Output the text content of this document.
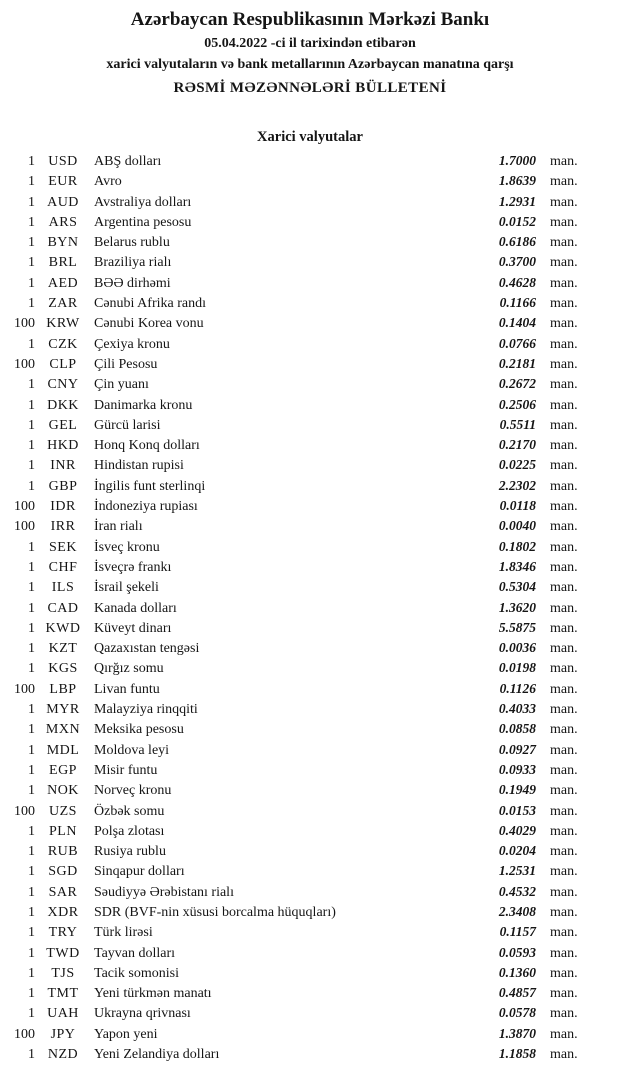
Azərbaycan Respublikasının Mərkəzi Bankı
05.04.2022 -ci il tarixindən etibarən
xarici valyutaların və bank metallarının Azərbaycan manatına qarşı
RƏSMİ MƏZƏNNƏLƏRİ BÜLLETENİ
Xarici valyutalar
1 USD	ABŞ dolları	1.7000	man.
1 EUR	Avro	1.8639	man.
1 AUD	Avstraliya dolları	1.2931	man.
1 ARS	Argentina pesosu	0.0152	man.
1 BYN	Belarus rublu	0.6186	man.
1 BRL	Braziliya rialı	0.3700	man.
1 AED	BƏƏ dirhəmi	0.4628	man.
1 ZAR	Cənubi Afrika randı	0.1166	man.
100 KRW	Cənubi Korea vonu	0.1404	man.
1 CZK	Çexiya kronu	0.0766	man.
100	CLP	Çili Pesosu	0.2181	man.
1 CNY	Çin yuanı	0.2672	man.
1 DKK	Danimarka kronu	0.2506	man.
1 GEL	Gürcü larisi	0.5511	man.
1 HKD	Honq Konq dolları	0.2170	man.
1	INR	Hindistan rupisi	0.0225	man.
1 GBP	İngilis funt sterlinqi	2.2302	man.
100	IDR	İndoneziya rupiası	0.0118	man.
100	IRR	İran rialı	0.0040	man.
1	SEK	İsveç kronu	0.1802	man.
1 CHF	İsveçrə frankı	1.8346	man.
1	ILS	İsrail şekeli	0.5304	man.
1 CAD	Kanada dolları	1.3620	man.
1 KWD Küveyt dinarı	5.5875	man.
1 KZT	Qazaxıstan tengəsi	0.0036	man.
1 KGS	Qırğız somu	0.0198	man.
100	LBP	Livan funtu	0.1126	man.
1 MYR	Malayziya rinqqiti	0.4033	man.
1 MXN Meksika pesosu	0.0858	man.
1 MDL	Moldova leyi	0.0927	man.
1	EGP	Misir funtu	0.0933	man.
1 NOK	Norveç kronu	0.1949	man.
100	UZS	Özbək somu	0.0153	man.
1	PLN	Polşa zlotası	0.4029	man.
1 RUB	Rusiya rublu	0.0204	man.
1 SGD	Sinqapur dolları	1.2531	man.
1 SAR	Səudiyyə Ərəbistanı rialı	0.4532	man.
1 XDR	SDR (BVF-nin xüsusi borcalma hüquqları)	2.3408	man.
1 TRY	Türk lirəsi	0.1157	man.
1 TWD	Tayvan dolları	0.0593	man.
1	TJS	Tacik somonisi	0.1360	man.
1 TMT	Yeni türkmən manatı	0.4857	man.
1 UAH	Ukrayna qrivnası	0.0578	man.
100	JPY	Yapon yeni	1.3870	man.
1 NZD	Yeni Zelandiya dolları	1.1858	man.
